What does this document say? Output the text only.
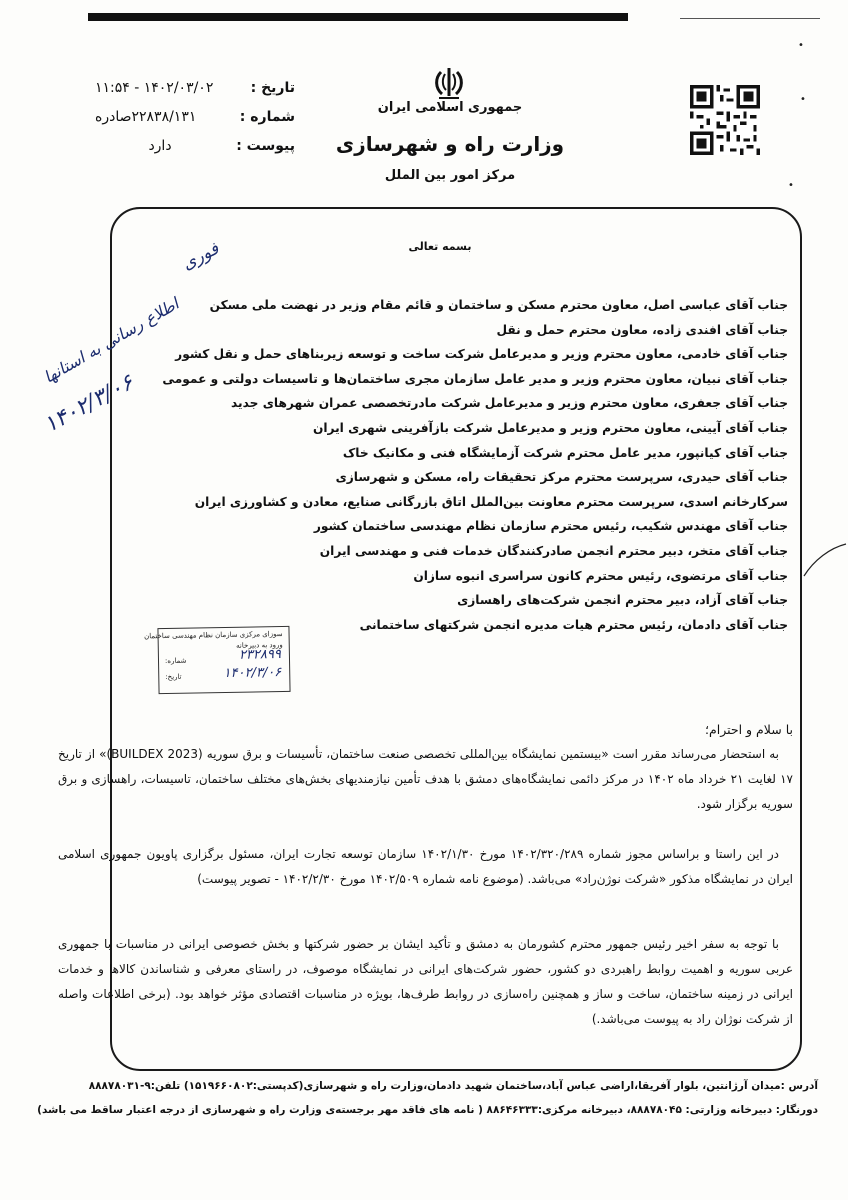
•
•
•
جمهوری اسلامی ایران
وزارت راه و شهرسازی
مرکز امور بین الملل
تاریخ :
۱۴۰۲/۰۳/۰۲ - ۱۱:۵۴
شماره :
۲۲۸۳۸/۱۳۱صادره
پیوست :
دارد
بسمه تعالی
فوری
اطلاع رسانی به استانها
۱۴۰۲/۳/۰۶
جناب آقای عباسی اصل، معاون محترم مسکن و ساختمان و قائم مقام وزیر در نهضت ملی مسکن
جناب آقای افندی زاده، معاون محترم حمل و نقل
جناب آقای خادمی، معاون محترم وزیر و مدیرعامل شرکت ساخت و توسعه زیربناهای حمل و نقل کشور
جناب آقای نبیان، معاون محترم وزیر و مدیر عامل سازمان مجری ساختمان‌ها و تاسیسات دولتی و عمومی
جناب آقای جعفری، معاون محترم وزیر و مدیرعامل شرکت مادرتخصصی عمران شهرهای جدید
جناب آقای آیینی، معاون محترم وزیر و مدیرعامل شرکت بازآفرینی شهری ایران
جناب آقای کیانپور، مدیر عامل محترم شرکت آزمایشگاه فنی و مکانیک خاک
جناب آقای حیدری، سرپرست محترم مرکز تحقیقات راه، مسکن و شهرسازی
سرکارخانم اسدی، سرپرست محترم معاونت بین‌الملل اتاق بازرگانی صنایع، معادن و کشاورزی ایران
جناب آقای مهندس شکیب، رئیس محترم سازمان نظام مهندسی ساختمان کشور
جناب آقای متخر، دبیر محترم انجمن صادرکنندگان خدمات فنی و مهندسی ایران
جناب آقای مرتضوی، رئیس محترم کانون سراسری انبوه سازان
جناب آقای آزاد، دبیر محترم انجمن شرکت‌های راهسازی
جناب آقای دادمان، رئیس محترم هیات مدیره انجمن شرکتهای ساختمانی
سوزای مرکزی سازمان نظام مهندسی ساختمان
ورود به دبیرخانه
شماره:
تاریخ:
۲۳۲۸۹۹
۱۴۰۲/۳/۰۶
با سلام و احترام؛
به استحضار می‌رساند مقرر است «بیستمین نمایشگاه بین‌المللی تخصصی صنعت ساختمان، تأسیسات و برق سوریه (BUILDEX 2023)» از تاریخ ۱۷ لغایت ۲۱ خرداد ماه ۱۴۰۲ در مرکز دائمی نمایشگاه‌های دمشق با هدف تأمین نیازمندیهای بخش‌های مختلف ساختمان، تاسیسات، راهسازی و برق سوریه برگزار شود.
در این راستا و براساس مجوز شماره ۱۴۰۲/۳۲۰/۲۸۹ مورخ ۱۴۰۲/۱/۳۰ سازمان توسعه تجارت ایران، مسئول برگزاری پاویون جمهوری اسلامی ایران در نمایشگاه مذکور «شرکت نوژن‌راد» می‌باشد. (موضوع نامه شماره ۱۴۰۲/۵۰۹ مورخ ۱۴۰۲/۲/۳۰ - تصویر پیوست)
با توجه به سفر اخیر رئیس جمهور محترم کشورمان به دمشق و تأکید ایشان بر حضور شرکتها و بخش خصوصی ایرانی در مناسبات با جمهوری عربی سوریه و اهمیت روابط راهبردی دو کشور، حضور شرکت‌های ایرانی در نمایشگاه موصوف، در راستای معرفی و شناساندن کالاها و خدمات ایرانی در زمینه ساختمان، ساخت و ساز و همچنین راه‌سازی در روابط طرف‌ها، بویژه در مناسبات اقتصادی مؤثر خواهد بود. (برخی اطلاعات واصله از شرکت نوژان راد به پیوست می‌باشد.)
آدرس :میدان آرژانتین، بلوار آفریقا،اراضی عباس آباد،ساختمان شهید دادمان،وزارت راه و شهرسازی(کدپستی:۱۵۱۹۶۶۰۸۰۲) تلفن:۹-۸۸۸۷۸۰۳۱
دورنگار: دبیرخانه وزارتی: ۸۸۸۷۸۰۴۵، دبیرخانه مرکزی:۸۸۶۴۶۳۳۳ ( نامه های فاقد مهر برجسته‌ی وزارت راه و شهرسازی از درجه اعتبار ساقط می باشد)
